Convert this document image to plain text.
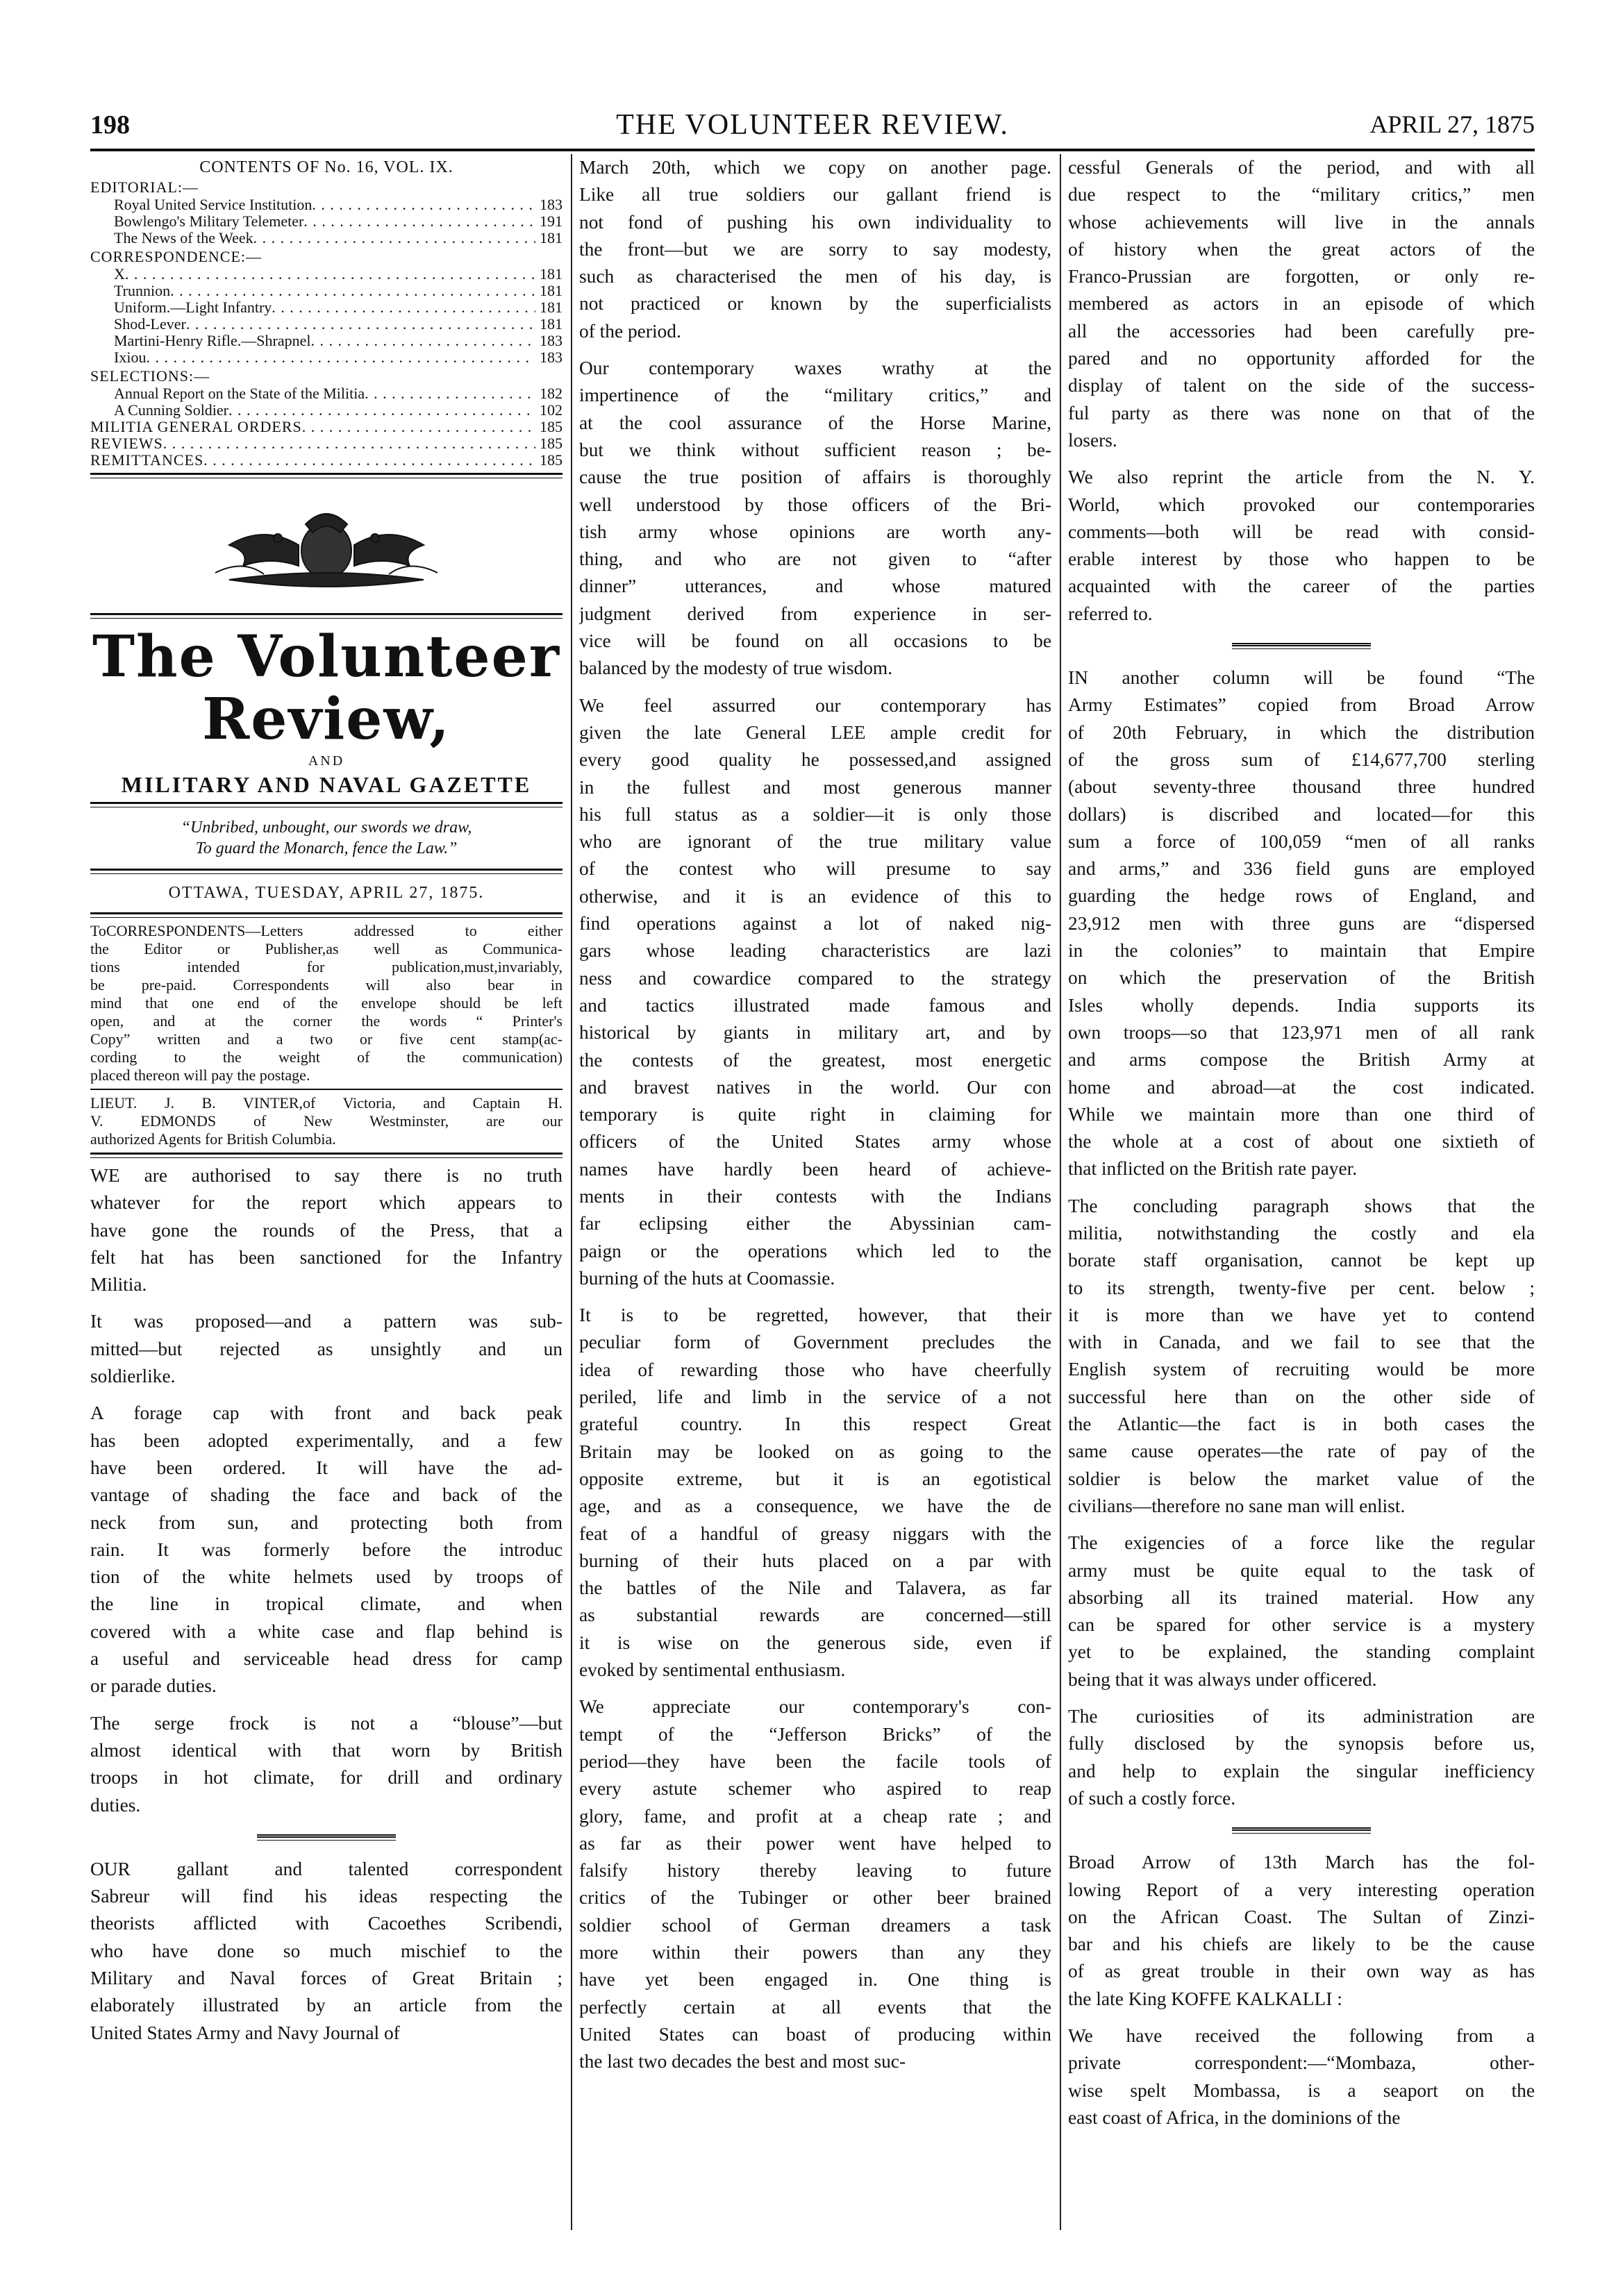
198	THE VOLUNTEER REVIEW.	APRIL 27, 1875
CONTENTS OF No. 16, VOL. IX.
EDITORIAL:—
Royal United Service Institution . . .	183
Bowlengo's Military Telemeter . . .	191
The News of the Week . . .	181
CORRESPONDENCE:—
X . . .	181
Trunnion . . .	181
Uniform.—Light Infantry . . .	181
Shod-Lever . . .	181
Martini-Henry Rifle.—Shrapnel . . .	183
Ixiou . . .	183
SELECTIONS:—
Annual Report on the State of the Militia . . .	182
A Cunning Soldier . . .	102
MILITIA GENERAL ORDERS . . .	185
REVIEWS . . .	185
REMITTANCES . . .	185
The Volunteer Review,
AND
MILITARY AND NAVAL GAZETTE
“Unbribed, unbought, our swords we draw,
To guard the Monarch, fence the Law.”
OTTAWA, TUESDAY, APRIL 27, 1875.
ToCORRESPONDENTS—Letters addressed to either
the Editor or Publisher,as well as Communica-
tions intended for publication,must,invariably,
be pre-paid. Correspondents will also bear in
mind that one end of the envelope should be left
open, and at the corner the words “ Printer's
Copy” written and a two or five cent stamp(ac-
cording to the weight of the communication)
placed thereon will pay the postage.
LIEUT. J. B. VINTER,of Victoria, and Captain H.
V. EDMONDS of New Westminster, are our
authorized Agents for British Columbia.
WE are authorised to say there is no truth
whatever for the report which appears to
have gone the rounds of the Press, that a
felt hat has been sanctioned for the Infantry
Militia.
It was proposed—and a pattern was sub-
mitted—but rejected as unsightly and un
soldierlike.
A forage cap with front and back peak
has been adopted experimentally, and a few
have been ordered. It will have the ad-
vantage of shading the face and back of the
neck from sun, and protecting both from
rain. It was formerly before the introduc
tion of the white helmets used by troops of
the line in tropical climate, and when
covered with a white case and flap behind is
a useful and serviceable head dress for camp
or parade duties.
The serge frock is not a “blouse”—but
almost identical with that worn by British
troops in hot climate, for drill and ordinary
duties.
OUR gallant and talented correspondent
Sabreur will find his ideas respecting the
theorists afflicted with Cacoethes Scribendi,
who have done so much mischief to the
Military and Naval forces of Great Britain ;
elaborately illustrated by an article from the
United States Army and Navy Journal of
March 20th, which we copy on another page.
Like all true soldiers our gallant friend is
not fond of pushing his own individuality to
the front—but we are sorry to say modesty,
such as characterised the men of his day, is
not practiced or known by the superficialists
of the period.
Our contemporary waxes wrathy at the
impertinence of the “military critics,” and
at the cool assurance of the Horse Marine,
but we think without sufficient reason ; be-
cause the true position of affairs is thoroughly
well understood by those officers of the Bri-
tish army whose opinions are worth any-
thing, and who are not given to “after
dinner” utterances, and whose matured
judgment derived from experience in ser-
vice will be found on all occasions to be
balanced by the modesty of true wisdom.
We feel assurred our contemporary has
given the late General LEE ample credit for
every good quality he possessed,and assigned
in the fullest and most generous manner
his full status as a soldier—it is only those
who are ignorant of the true military value
of the contest who will presume to say
otherwise, and it is an evidence of this to
find operations against a lot of naked nig-
gars whose leading characteristics are lazi
ness and cowardice compared to the strategy
and tactics illustrated made famous and
historical by giants in military art, and by
the contests of the greatest, most energetic
and bravest natives in the world. Our con
temporary is quite right in claiming for
officers of the United States army whose
names have hardly been heard of achieve-
ments in their contests with the Indians
far eclipsing either the Abyssinian cam-
paign or the operations which led to the
burning of the huts at Coomassie.
It is to be regretted, however, that their
peculiar form of Government precludes the
idea of rewarding those who have cheerfully
periled, life and limb in the service of a not
grateful country. In this respect Great
Britain may be looked on as going to the
opposite extreme, but it is an egotistical
age, and as a consequence, we have the de
feat of a handful of greasy niggars with the
burning of their huts placed on a par with
the battles of the Nile and Talavera, as far
as substantial rewards are concerned—still
it is wise on the generous side, even if
evoked by sentimental enthusiasm.
We appreciate our contemporary's con-
tempt of the “Jefferson Bricks” of the
period—they have been the facile tools of
every astute schemer who aspired to reap
glory, fame, and profit at a cheap rate ; and
as far as their power went have helped to
falsify history thereby leaving to future
critics of the Tubinger or other beer brained
soldier school of German dreamers a task
more within their powers than any they
have yet been engaged in. One thing is
perfectly certain at all events that the
United States can boast of producing within
the last two decades the best and most suc-
cessful Generals of the period, and with all
due respect to the “military critics,” men
whose achievements will live in the annals
of history when the great actors of the
Franco-Prussian are forgotten, or only re-
membered as actors in an episode of which
all the accessories had been carefully pre-
pared and no opportunity afforded for the
display of talent on the side of the success-
ful party as there was none on that of the
losers.
We also reprint the article from the N. Y.
World, which provoked our contemporaries
comments—both will be read with consid-
erable interest by those who happen to be
acquainted with the career of the parties
referred to.
IN another column will be found “The
Army Estimates” copied from Broad Arrow
of 20th February, in which the distribution
of the gross sum of £14,677,700 sterling
(about seventy-three thousand three hundred
dollars) is discribed and located—for this
sum a force of 100,059 “men of all ranks
and arms,” and 336 field guns are employed
guarding the hedge rows of England, and
23,912 men with three guns are “dispersed
in the colonies” to maintain that Empire
on which the preservation of the British
Isles wholly depends. India supports its
own troops—so that 123,971 men of all rank
and arms compose the British Army at
home and abroad—at the cost indicated.
While we maintain more than one third of
the whole at a cost of about one sixtieth of
that inflicted on the British rate payer.
The concluding paragraph shows that the
militia, notwithstanding the costly and ela
borate staff organisation, cannot be kept up
to its strength, twenty-five per cent. below ;
it is more than we have yet to contend
with in Canada, and we fail to see that the
English system of recruiting would be more
successful here than on the other side of
the Atlantic—the fact is in both cases the
same cause operates—the rate of pay of the
soldier is below the market value of the
civilians—therefore no sane man will enlist.
The exigencies of a force like the regular
army must be quite equal to the task of
absorbing all its trained material. How any
can be spared for other service is a mystery
yet to be explained, the standing complaint
being that it was always under officered.
The curiosities of its administration are
fully disclosed by the synopsis before us,
and help to explain the singular inefficiency
of such a costly force.
Broad Arrow of 13th March has the fol-
lowing Report of a very interesting operation
on the African Coast. The Sultan of Zinzi-
bar and his chiefs are likely to be the cause
of as great trouble in their own way as has
the late King KOFFE KALKALLI :
We have received the following from a
private correspondent:—“Mombaza, other-
wise spelt Mombassa, is a seaport on the
east coast of Africa, in the dominions of the
